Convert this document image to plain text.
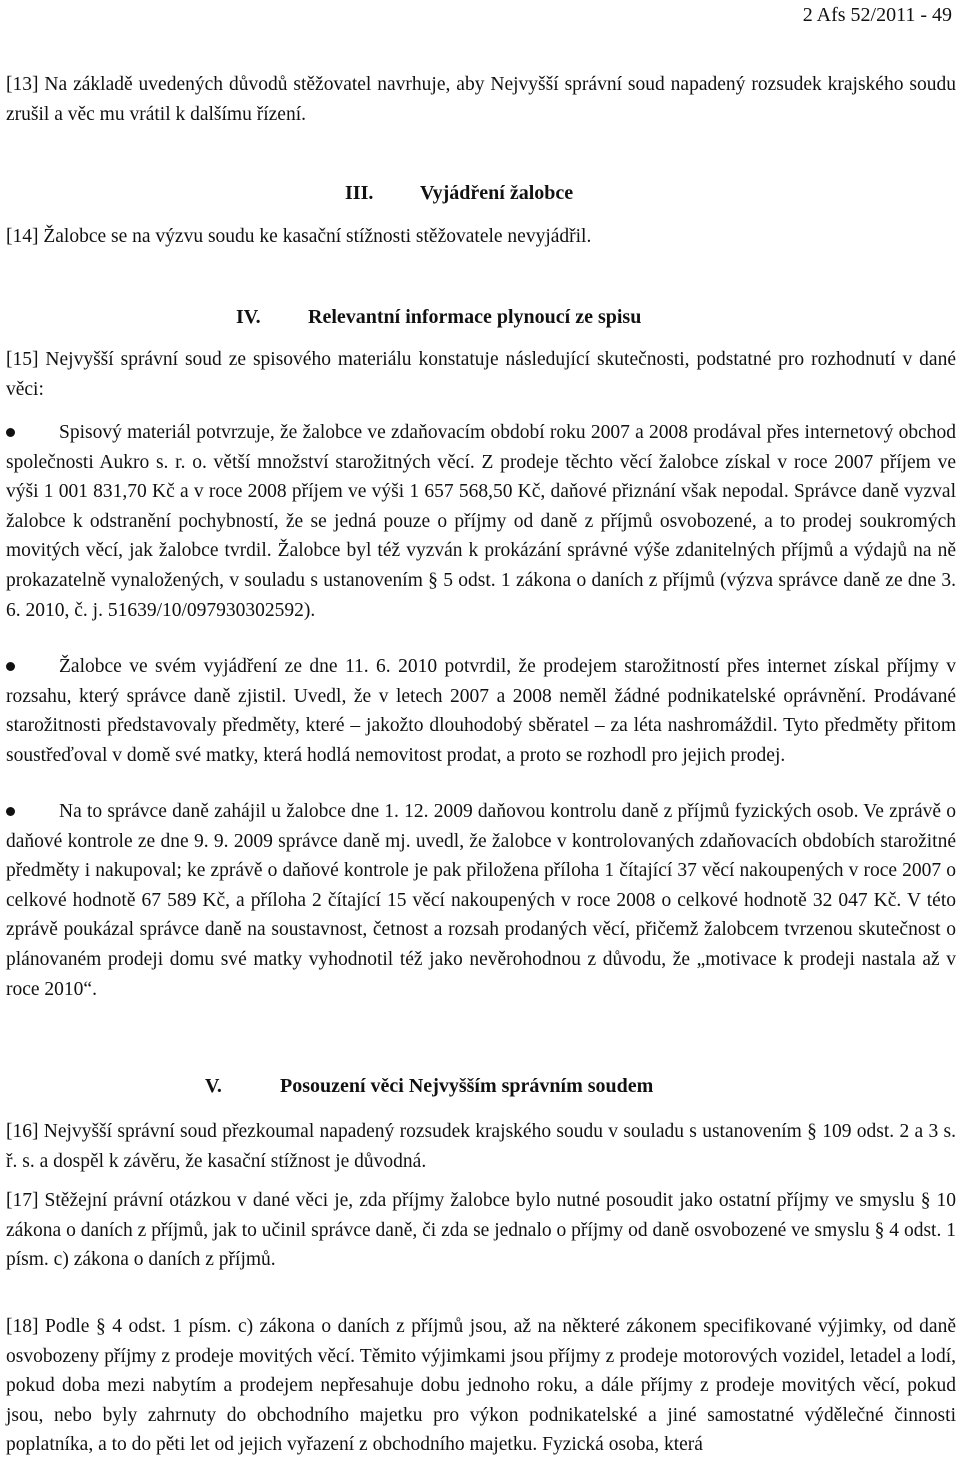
2 Afs 52/2011 - 49

[13] Na základě uvedených důvodů stěžovatel navrhuje, aby Nejvyšší správní soud napadený rozsudek krajského soudu zrušil a věc mu vrátil k dalšímu řízení.

III. Vyjádření žalobce

[14] Žalobce se na výzvu soudu ke kasační stížnosti stěžovatele nevyjádřil.

IV. Relevantní informace plynoucí ze spisu

[15] Nejvyšší správní soud ze spisového materiálu konstatuje následující skutečnosti, podstatné pro rozhodnutí v dané věci:

Spisový materiál potvrzuje, že žalobce ve zdaňovacím období roku 2007 a 2008 prodával přes internetový obchod společnosti Aukro s. r. o. větší množství starožitných věcí. Z prodeje těchto věcí žalobce získal v roce 2007 příjem ve výši 1 001 831,70 Kč a v roce 2008 příjem ve výši 1 657 568,50 Kč, daňové přiznání však nepodal. Správce daně vyzval žalobce k odstranění pochybností, že se jedná pouze o příjmy od daně z příjmů osvobozené, a to prodej soukromých movitých věcí, jak žalobce tvrdil. Žalobce byl též vyzván k prokázání správné výše zdanitelných příjmů a výdajů na ně prokazatelně vynaložených, v souladu s ustanovením § 5 odst. 1 zákona o daních z příjmů (výzva správce daně ze dne 3. 6. 2010, č. j. 51639/10/097930302592).

Žalobce ve svém vyjádření ze dne 11. 6. 2010 potvrdil, že prodejem starožitností přes internet získal příjmy v rozsahu, který správce daně zjistil. Uvedl, že v letech 2007 a 2008 neměl žádné podnikatelské oprávnění. Prodávané starožitnosti představovaly předměty, které – jakožto dlouhodobý sběratel – za léta nashromáždil. Tyto předměty přitom soustřeďoval v domě své matky, která hodlá nemovitost prodat, a proto se rozhodl pro jejich prodej.

Na to správce daně zahájil u žalobce dne 1. 12. 2009 daňovou kontrolu daně z příjmů fyzických osob. Ve zprávě o daňové kontrole ze dne 9. 9. 2009 správce daně mj. uvedl, že žalobce v kontrolovaných zdaňovacích obdobích starožitné předměty i nakupoval; ke zprávě o daňové kontrole je pak přiložena příloha 1 čítající 37 věcí nakoupených v roce 2007 o celkové hodnotě 67 589 Kč, a příloha 2 čítající 15 věcí nakoupených v roce 2008 o celkové hodnotě 32 047 Kč. V této zprávě poukázal správce daně na soustavnost, četnost a rozsah prodaných věcí, přičemž žalobcem tvrzenou skutečnost o plánovaném prodeji domu své matky vyhodnotil též jako nevěrohodnou z důvodu, že „motivace k prodeji nastala až v roce 2010“.

V.	Posouzení věci Nejvyšším správním soudem

[16] Nejvyšší správní soud přezkoumal napadený rozsudek krajského soudu v souladu s ustanovením § 109 odst. 2 a 3 s. ř. s. a dospěl k závěru, že kasační stížnost je důvodná.

[17] Stěžejní právní otázkou v dané věci je, zda příjmy žalobce bylo nutné posoudit jako ostatní příjmy ve smyslu § 10 zákona o daních z příjmů, jak to učinil správce daně, či zda se jednalo o příjmy od daně osvobozené ve smyslu § 4 odst. 1 písm. c) zákona o daních z příjmů.

[18] Podle § 4 odst. 1 písm. c) zákona o daních z příjmů jsou, až na některé zákonem specifikované výjimky, od daně osvobozeny příjmy z prodeje movitých věcí. Těmito výjimkami jsou příjmy z prodeje motorových vozidel, letadel a lodí, pokud doba mezi nabytím a prodejem nepřesahuje dobu jednoho roku, a dále příjmy z prodeje movitých věcí, pokud jsou, nebo byly zahrnuty do obchodního majetku pro výkon podnikatelské a jiné samostatné výdělečné činnosti poplatníka, a to do pěti let od jejich vyřazení z obchodního majetku. Fyzická osoba, která
